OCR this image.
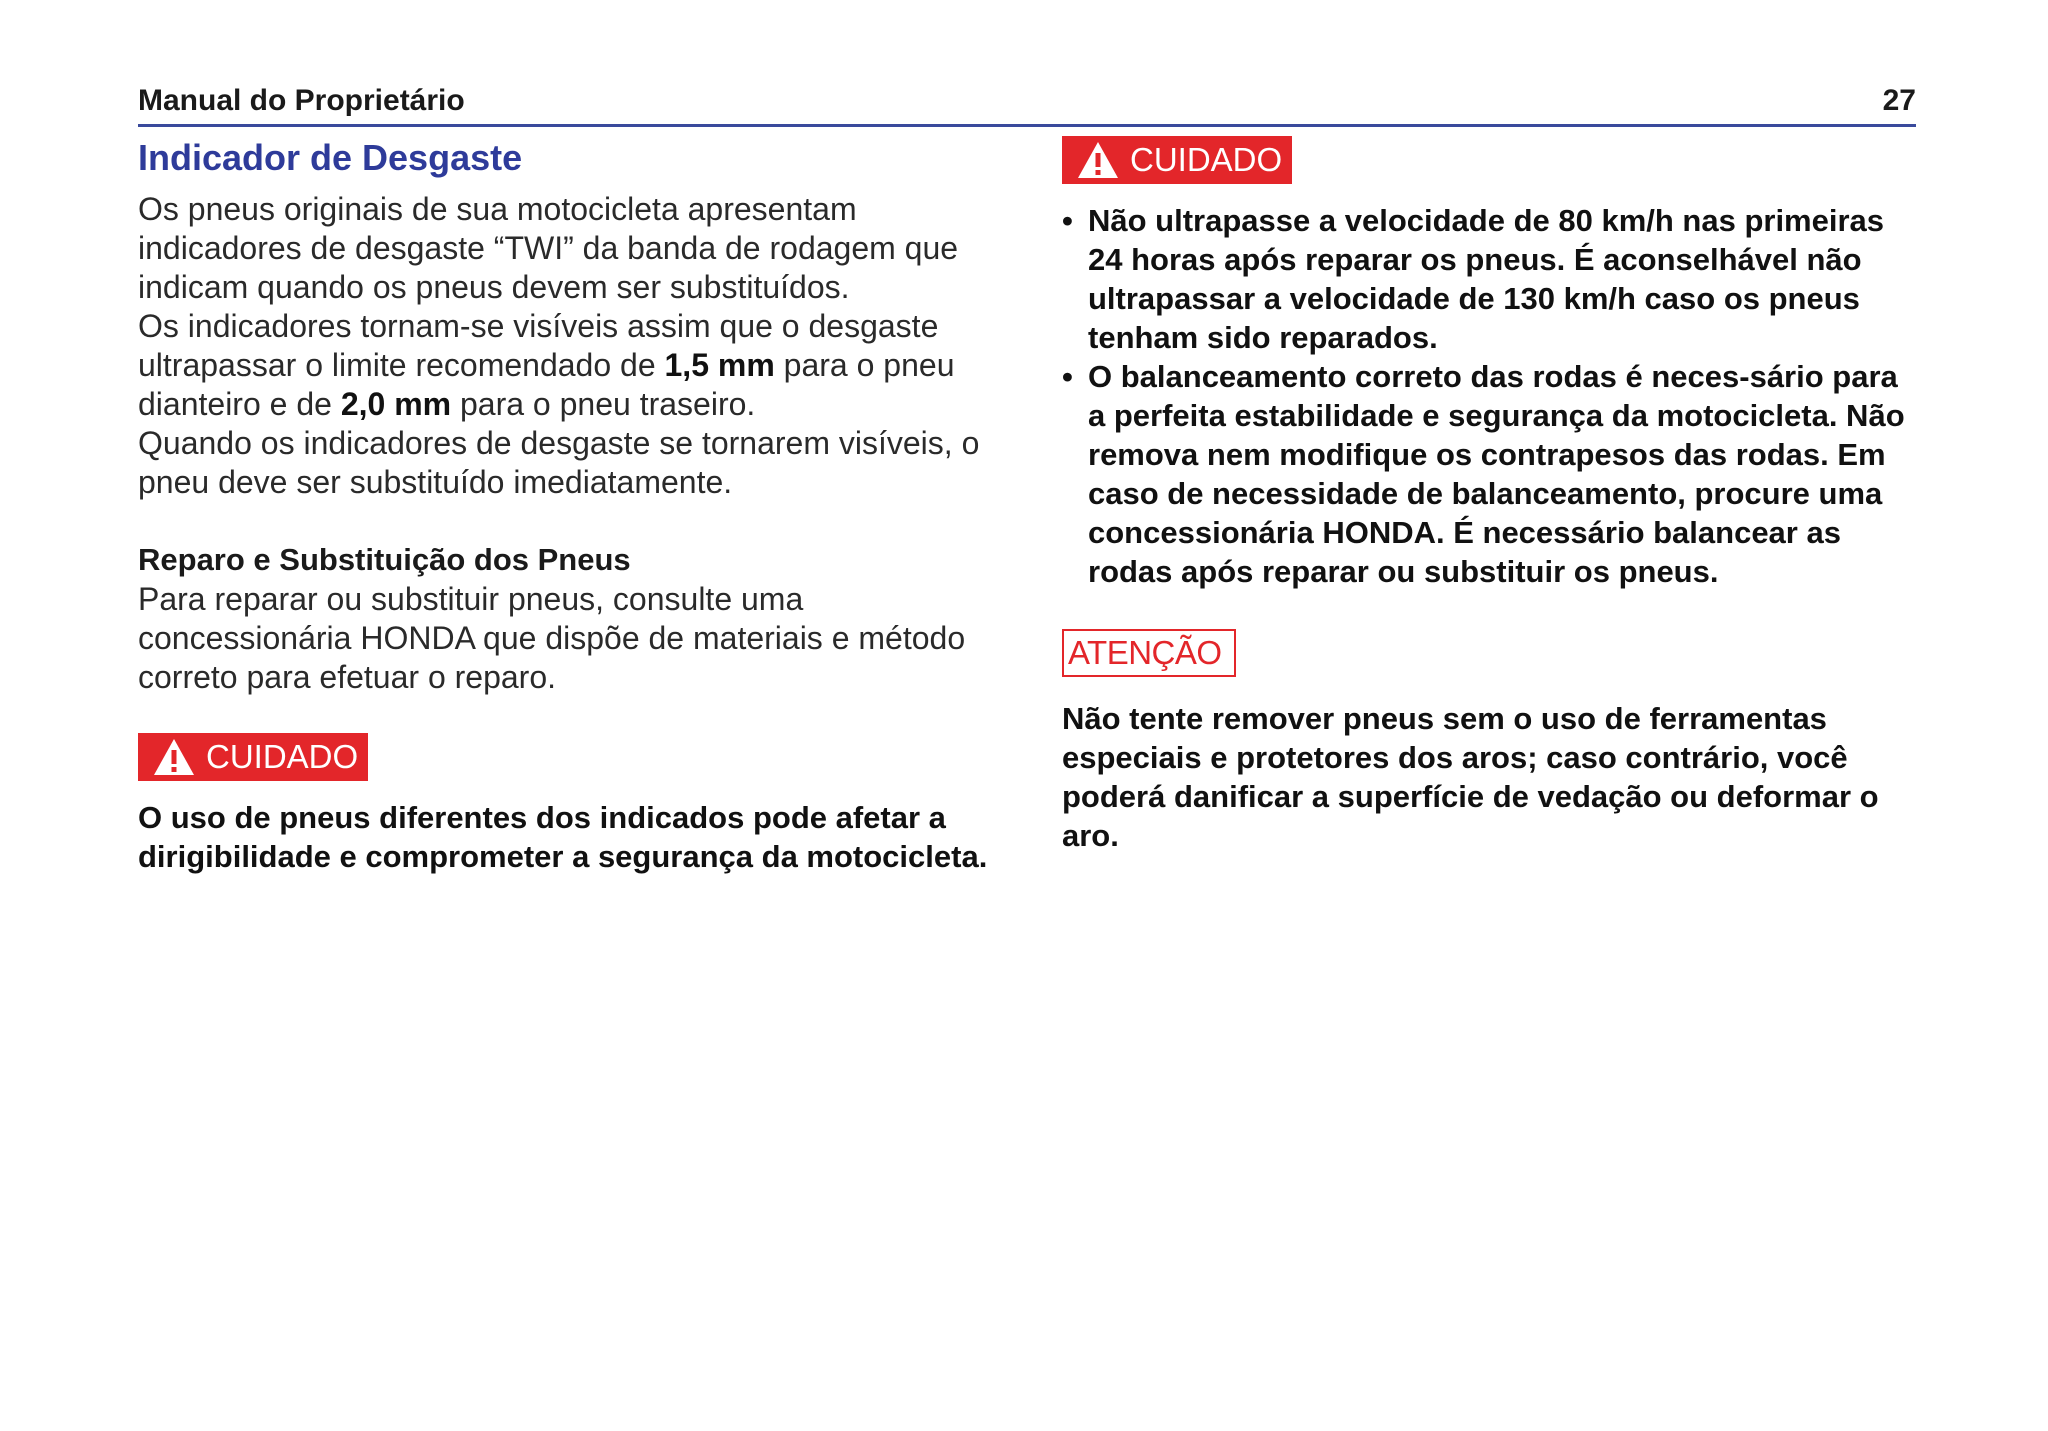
Manual do Proprietário	27
Indicador de Desgaste

Os pneus originais de sua motocicleta apresentam indicadores de desgaste “TWI” da banda de rodagem que indicam quando os pneus devem ser substituídos.

Os indicadores tornam-se visíveis assim que o desgaste ultrapassar o limite recomendado de 1,5 mm para o pneu dianteiro e de 2,0 mm para o pneu traseiro.

Quando os indicadores de desgaste se tornarem visíveis, o pneu deve ser substituído imediatamente.

Reparo e Substituição dos Pneus

Para reparar ou substituir pneus, consulte uma concessionária HONDA que dispõe de materiais e método correto para efetuar o reparo.

CUIDADO

O uso de pneus diferentes dos indicados pode afetar a dirigibilidade e comprometer a segurança da motocicleta.

CUIDADO
• Não ultrapasse a velocidade de 80 km/h nas primeiras 24 horas após reparar os pneus. É aconselhável não ultrapassar a velocidade de 130 km/h caso os pneus tenham sido reparados.
• O balanceamento correto das rodas é neces-sário para a perfeita estabilidade e segurança da motocicleta. Não remova nem modifique os contrapesos das rodas. Em caso de necessidade de balanceamento, procure uma concessionária HONDA. É necessário balancear as rodas após reparar ou substituir os pneus.
ATENÇÃO

Não tente remover pneus sem o uso de ferramentas especiais e protetores dos aros; caso contrário, você poderá danificar a superfície de vedação ou deformar o aro.
